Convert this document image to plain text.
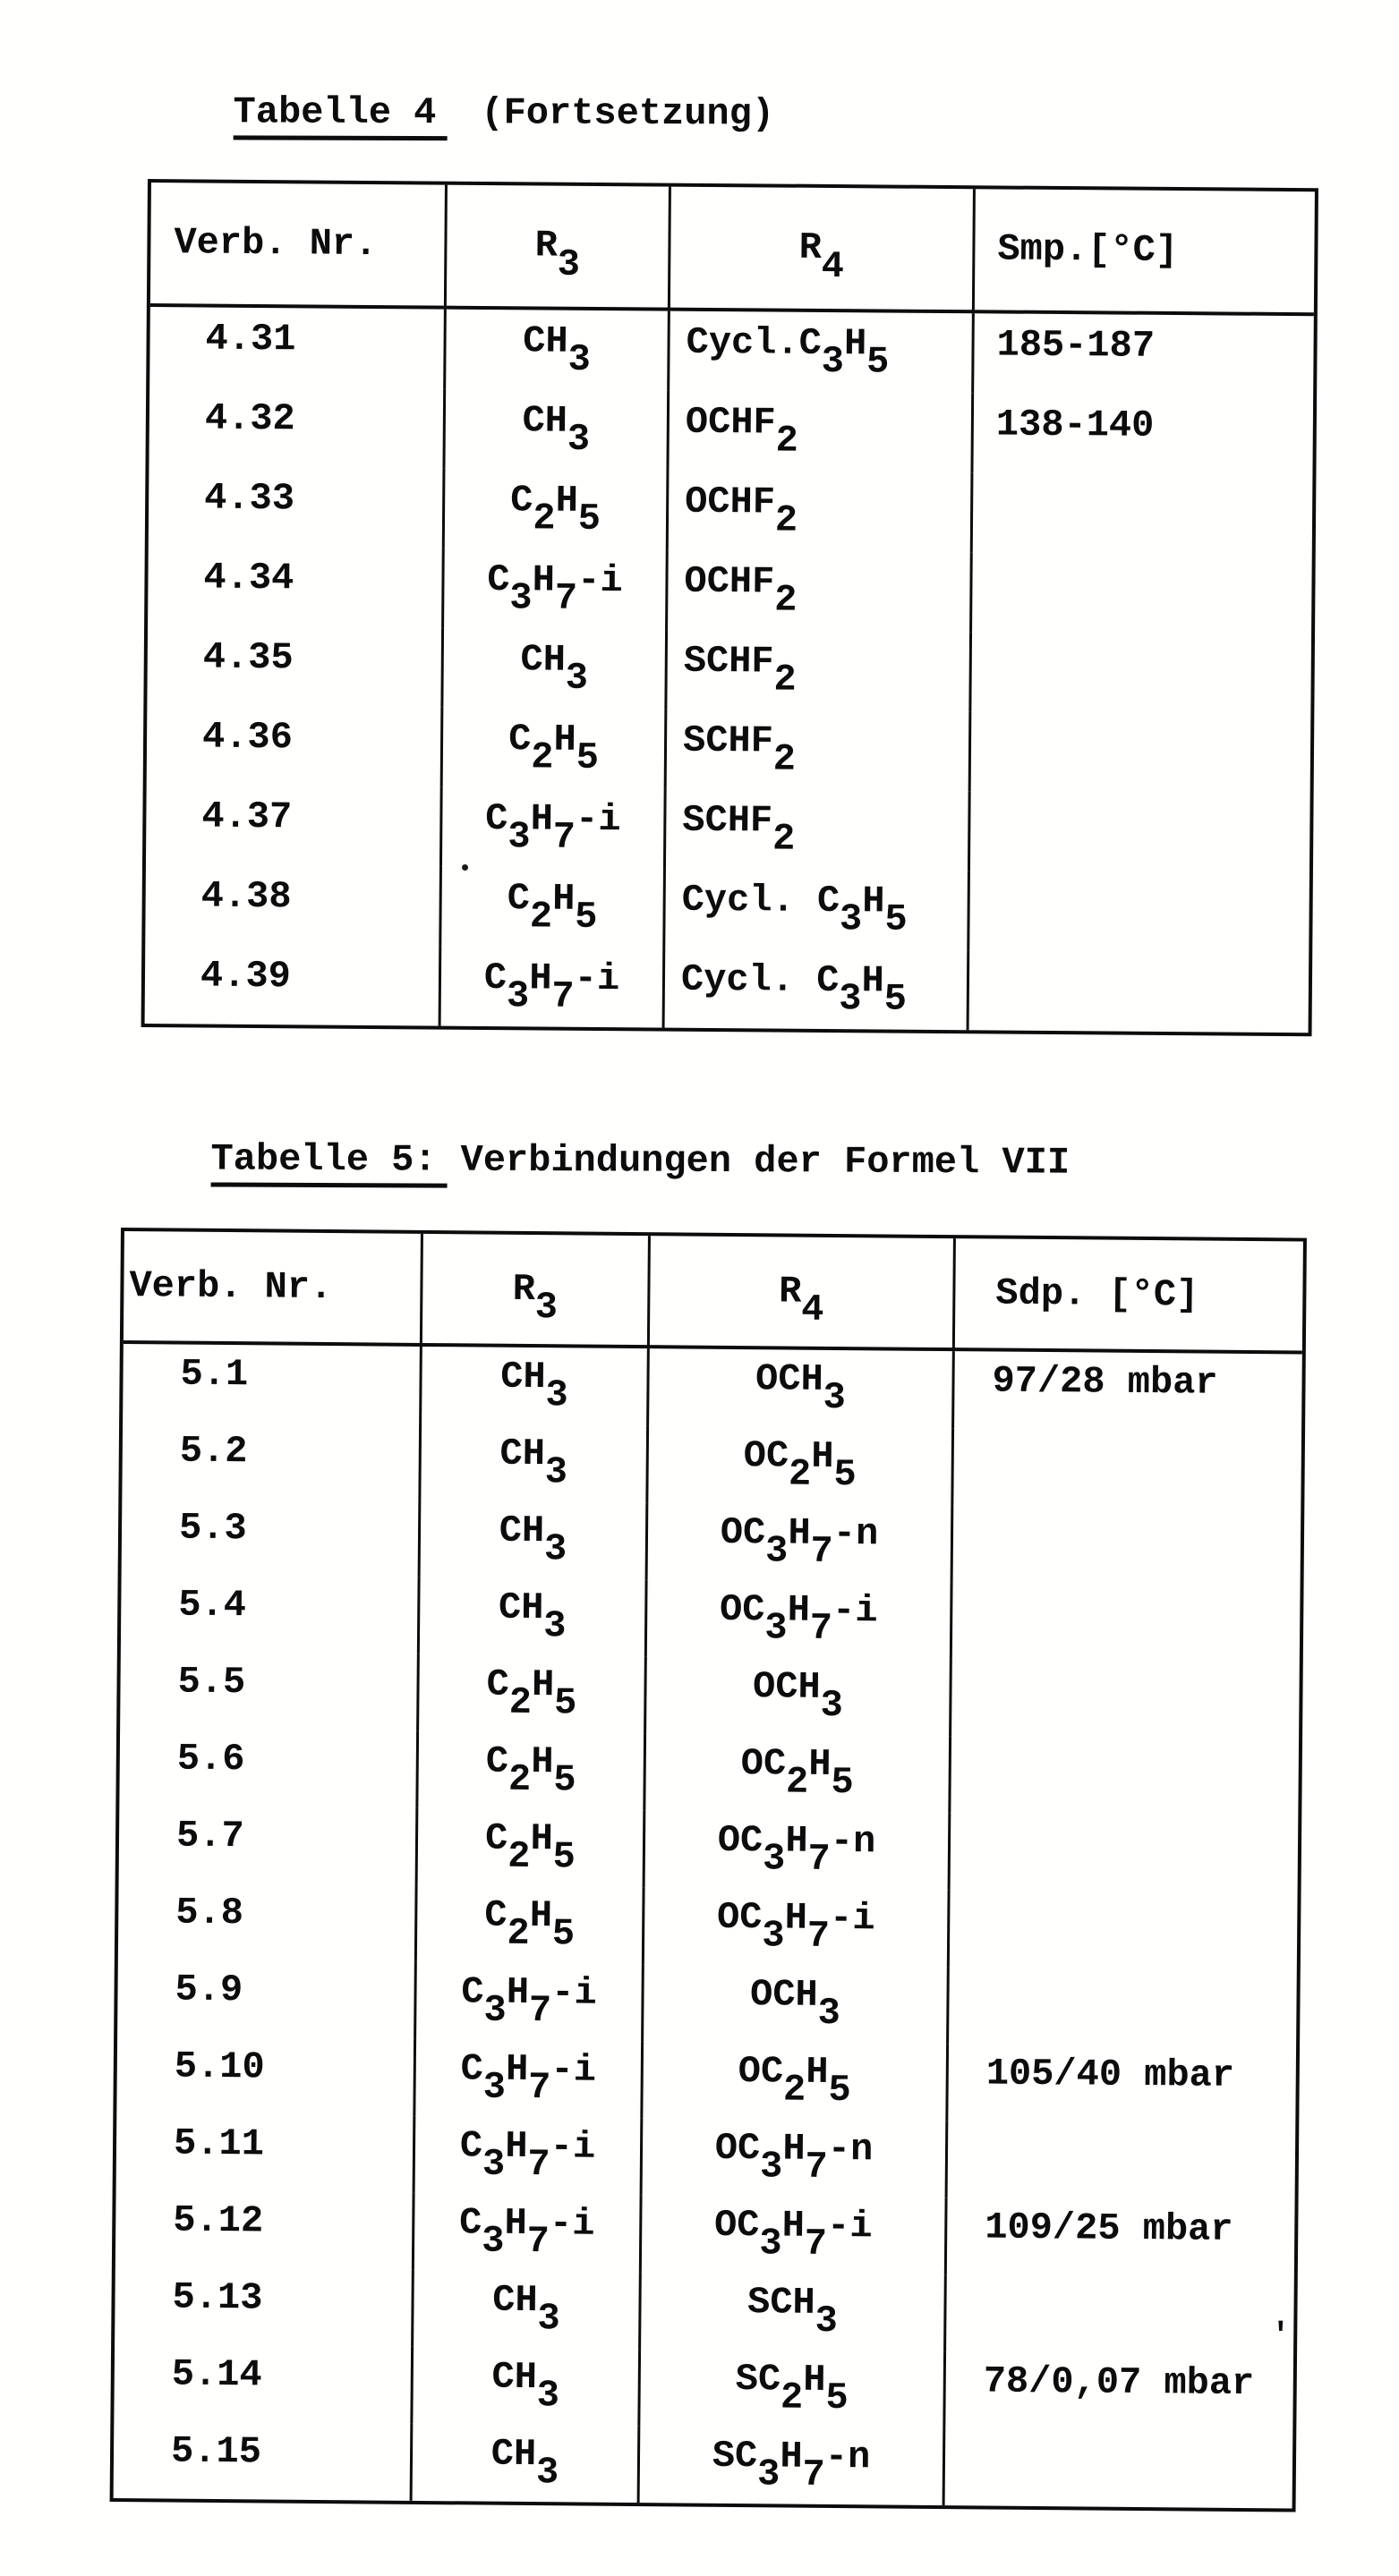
Tabelle 4 (Fortsetzung)

Verb. Nr.	R 3	R 4	Smp.[°C]
4.31	CH3	Cycl.C3H5	185-187
4.32	CH3	OCHF2	138-140
4.33	C2H5	OCHF2
4.34	C3H7-i	OCHF2
4.35	CH3	SCHF2
4.36	C2H5	SCHF2
4.37	C3H7-i	SCHF2
4.38	C2H5	Cycl. C3H5
4.39	C3H7-i	Cycl. C3H5

Tabelle 5: Verbindungen der Formel VII

Verb. Nr.	R 3	R 4	Sdp. [°C]
5.1	CH3	OCH3	97/28 mbar
5.2	CH3	OC2H5
5.3	CH3	OC3H7-n
5.4	CH3	OC3H7-i
5.5	C2H5	OCH3
5.6	C2H5	OC2H5
5.7	C2H5	OC3H7-n
5.8	C2H5	OC3H7-i
5.9	C3H7-i	OCH3
5.10	C3H7-i	OC2H5	105/40 mbar
5.11	C3H7-i	OC3H7-n
5.12	C3H7-i	OC3H7-i	109/25 mbar
5.13	CH3	SCH3
5.14	CH3	SC2H5	78/0,07 mbar
5.15	CH3	SC3H7-n
'
